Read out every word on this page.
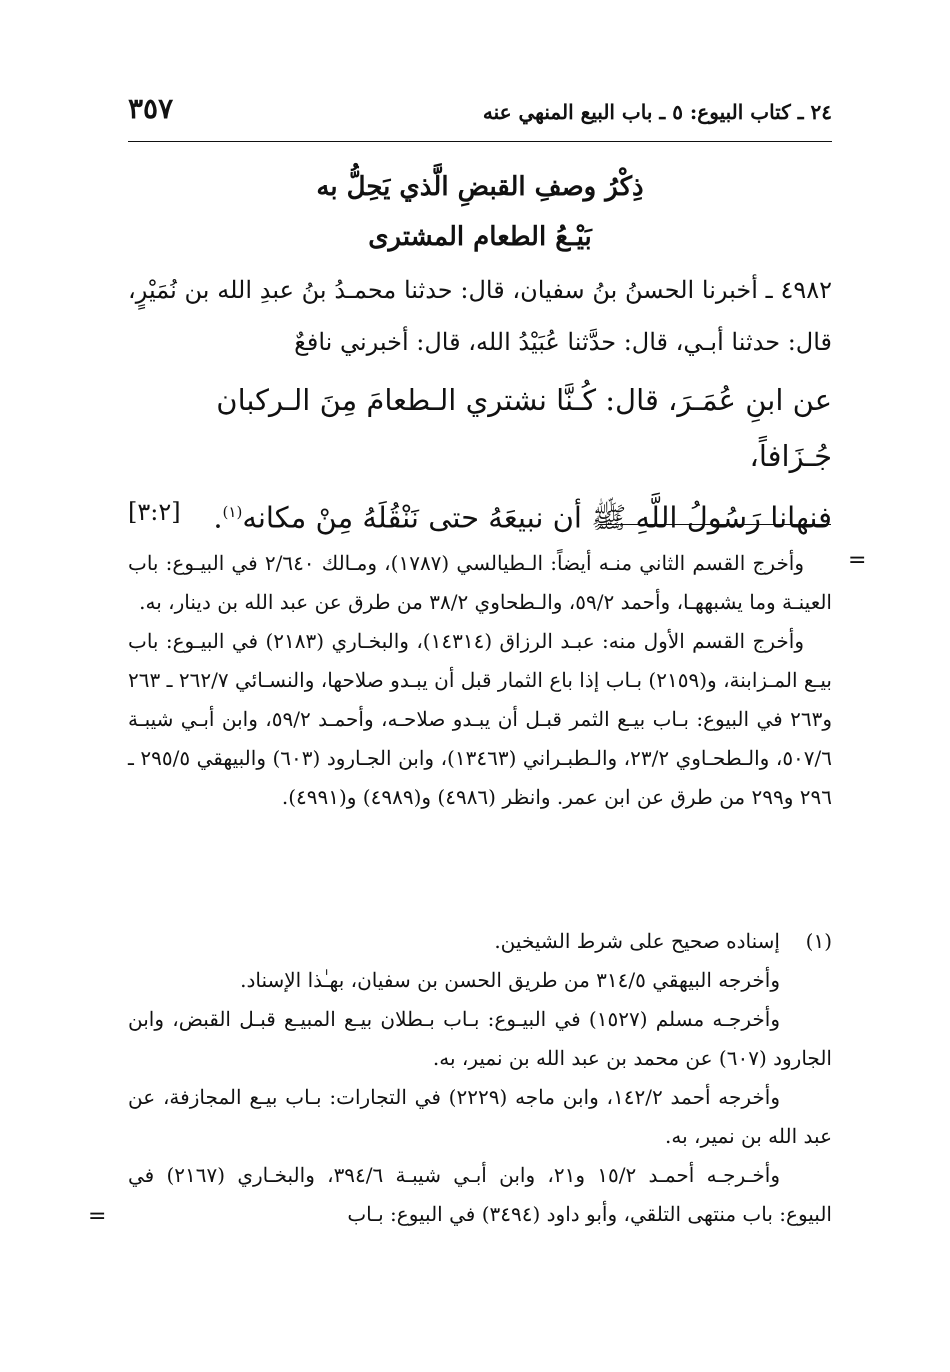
٢٤ ـ كتاب البيوع: ٥ ـ باب البيع المنهي عنه
٣٥٧
ذِكْرُ وصفِ القبضِ الَّذي يَحِلُّ به
بَيْـعُ الطعام المشترى
٤٩٨٢ ـ أخبرنا الحسنُ بنُ سفيان، قال: حدثنا محمـدُ بنُ عبدِ الله بن نُمَيْرٍ، قال: حدثنا أبـي، قال: حدَّثنا عُبَيْدُ الله، قال: أخبرني نافعٌ
عن ابنِ عُمَـرَ، قال: كُـنَّا نشتري الـطعامَ مِنَ الـركبان جُـزَافاً،
فنهانا رَسُولُ اللَّهِ ﷺ أن نبيعَهُ حتى نَنْقُلَهُ مِنْ مكانه$^{(١)}$.
[٣:٢]
=

وأخرج القسم الثاني منـه أيضاً: الـطيالسي (١٧٨٧)، ومـالك ٢/٦٤٠ في البيـوع: باب العينـة وما يشبههـا، وأحمد ٥٩/٢، والـطحاوي ٣٨/٢ من طرق عن عبد الله بن دينار، به.

وأخرج القسم الأول منه: عبـد الرزاق (١٤٣١٤)، والبخـاري (٢١٨٣) في البيـوع: باب بيـع المـزابنة، و(٢١٥٩) بـاب إذا باع الثمار قبل أن يبـدو صلاحها، والنسـائي ٢٦٢/٧ ـ ٢٦٣ و٢٦٣ في البيوع: بـاب بيـع الثمر قبـل أن يبـدو صلاحـه، وأحمـد ٥٩/٢، وابن أبـي شيبـة ٥٠٧/٦، والـطحـاوي ٢٣/٢، والـطبـراني (١٣٤٦٣)، وابن الجـارود (٦٠٣) والبيهقي ٢٩٥/٥ ـ ٢٩٦ و٢٩٩ من طرق عن ابن عمر. وانظر (٤٩٨٦) و(٤٩٨٩) و(٤٩٩١).

(١)إسناده صحيح على شرط الشيخين.

وأخرجه البيهقي ٣١٤/٥ من طريق الحسن بن سفيان، بهـٰذا الإسناد.

وأخرجـه مسلم (١٥٢٧) في البيـوع: بـاب بـطلان بيـع المبيـع قبـل القبض، وابن الجارود (٦٠٧) عن محمد بن عبد الله بن نمير، به.

وأخرجه أحمد ١٤٢/٢، وابن ماجه (٢٢٢٩) في التجارات: بـاب بيـع المجازفة، عن عبد الله بن نمير، به.

وأخـرجـه أحمـد ١٥/٢ و٢١، وابن أبـي شيبـة ٣٩٤/٦، والبخـاري (٢١٦٧) في البيوع: باب منتهى التلقي، وأبو داود (٣٤٩٤) في البيوع: بـاب

=
